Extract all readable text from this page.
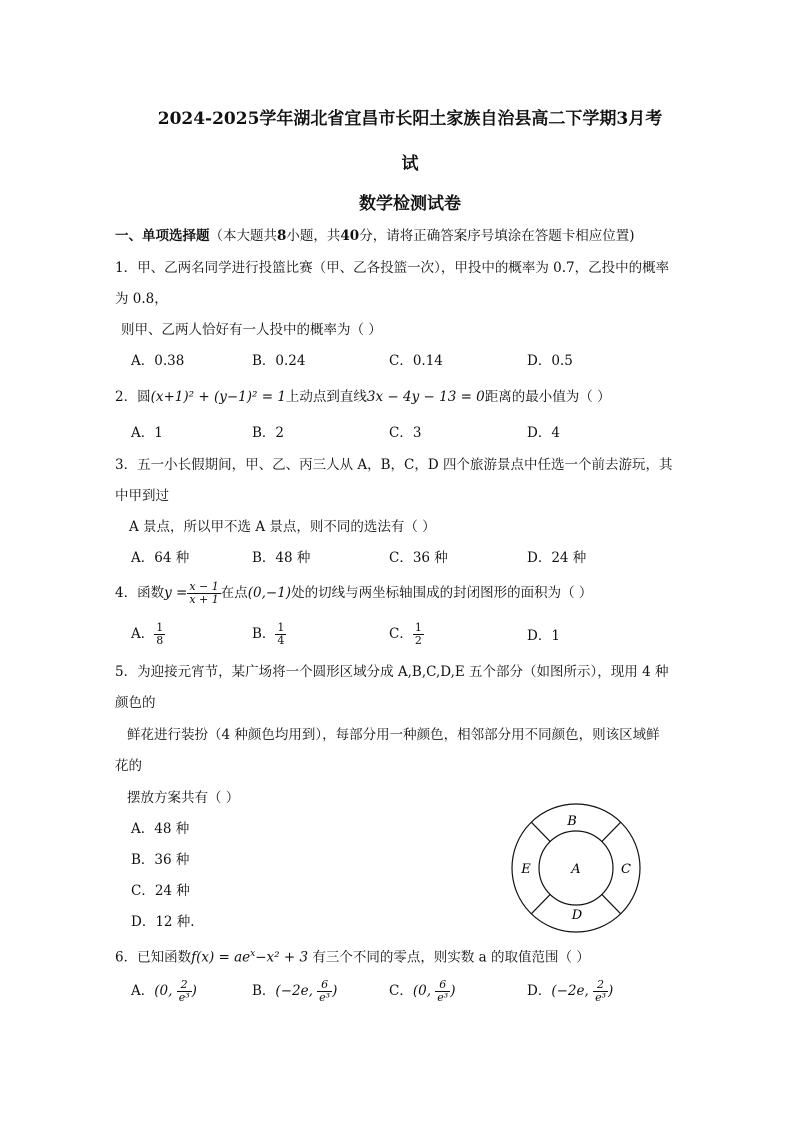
2024-2025学年湖北省宜昌市长阳土家族自治县高二下学期3月考
试
数学检测试卷
一、单项选择题（本大题共8小题，共40分，请将正确答案序号填涂在答题卡相应位置)
1．甲、乙两名同学进行投篮比赛（甲、乙各投篮一次），甲投中的概率为 0.7，乙投中的概率
为 0.8，
则甲、乙两人恰好有一人投中的概率为（ ）
A．0.38	B．0.24	C．0.14	D．0.5
2．圆(x+1)² + (y−1)² = 1上动点到直线3x − 4y − 13 = 0距离的最小值为（ ）
A．1	B．2	C．3	D．4
3．五一小长假期间，甲、乙、丙三人从 A，B，C，D 四个旅游景点中任选一个前去游玩，其
中甲到过
A 景点，所以甲不选 A 景点，则不同的选法有（ ）
A．64 种	B．48 种	C．36 种	D．24 种
4．函数$y = \frac{x - 1}{x + 1}$ 在点(0,−1)处的切线与两坐标轴围成的封闭图形的面积为（ ）
A． $\frac{1}{8}$	B． $\frac{1}{4}$	C． $\frac{1}{2}$	D．1
5．为迎接元宵节，某广场将一个圆形区域分成 A,B,C,D,E 五个部分（如图所示），现用 4 种
颜色的
鲜花进行装扮（4 种颜色均用到），每部分用一种颜色，相邻部分用不同颜色，则该区域鲜
花的
摆放方案共有（ ）
A．48 种
B．36 种
C．24 种
D．12 种.
A
B
C
D
E
6．已知函数$f(x) = ae^x-x^2 + 3$ 有三个不同的零点，则实数 a 的取值范围（ ）
A．(0, $\frac{2}{\text{e³}}$ )	B．(−2e, $\frac{6}{\text{e³}}$ )	C．(0, $\frac{6}{\text{e³}}$ )	D．(−2e, $\frac{2}{\text{e³}}$ )
